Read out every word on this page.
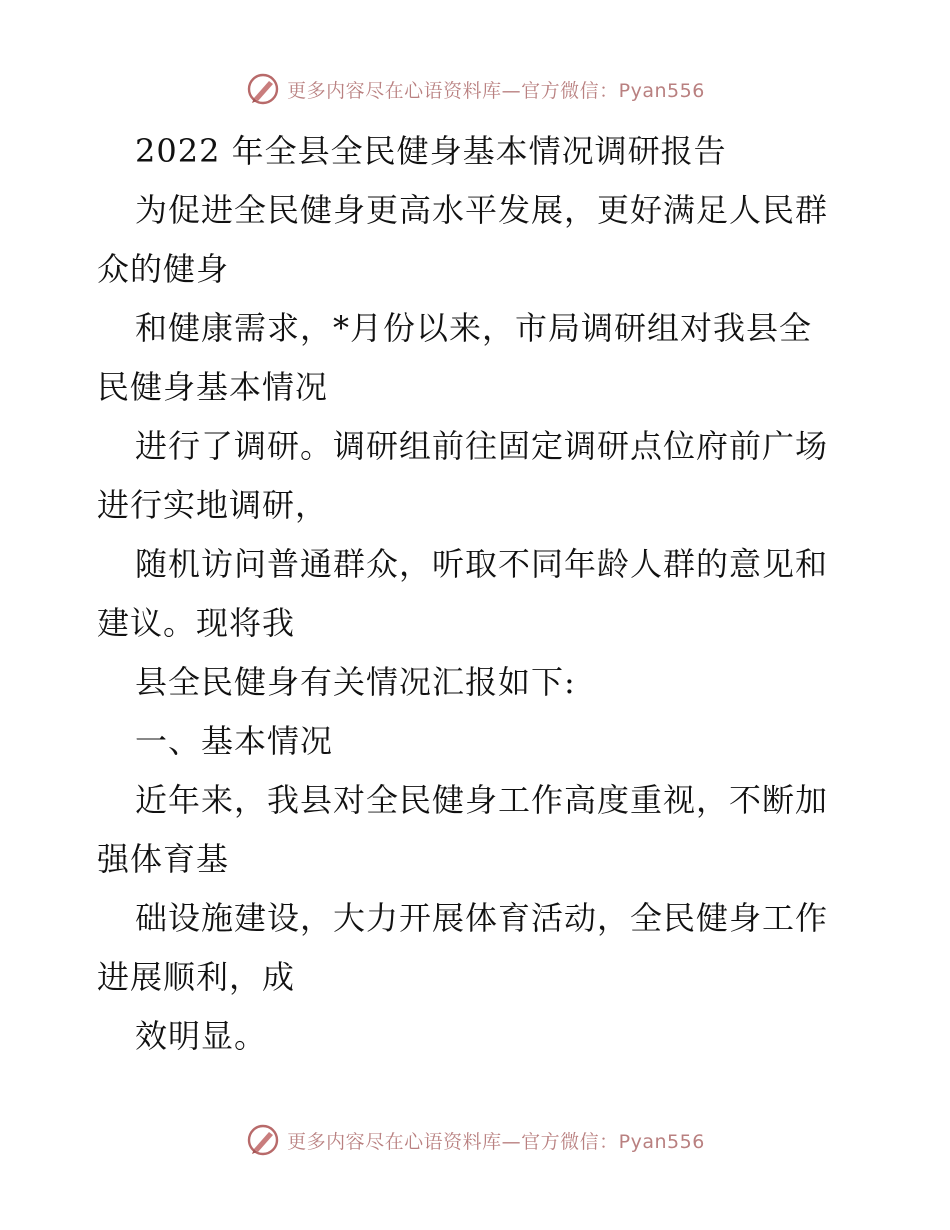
更多内容尽在心语资料库—官方微信：Pyan556
2022 年全县全民健身基本情况调研报告
为促进全民健身更高水平发展，更好满足人民群
众的健身
和健康需求，*月份以来，市局调研组对我县全
民健身基本情况
进行了调研。调研组前往固定调研点位府前广场
进行实地调研，
随机访问普通群众，听取不同年龄人群的意见和
建议。现将我
县全民健身有关情况汇报如下:
一、基本情况
近年来，我县对全民健身工作高度重视，不断加
强体育基
础设施建设，大力开展体育活动，全民健身工作
进展顺利，成
效明显。
更多内容尽在心语资料库—官方微信：Pyan556
